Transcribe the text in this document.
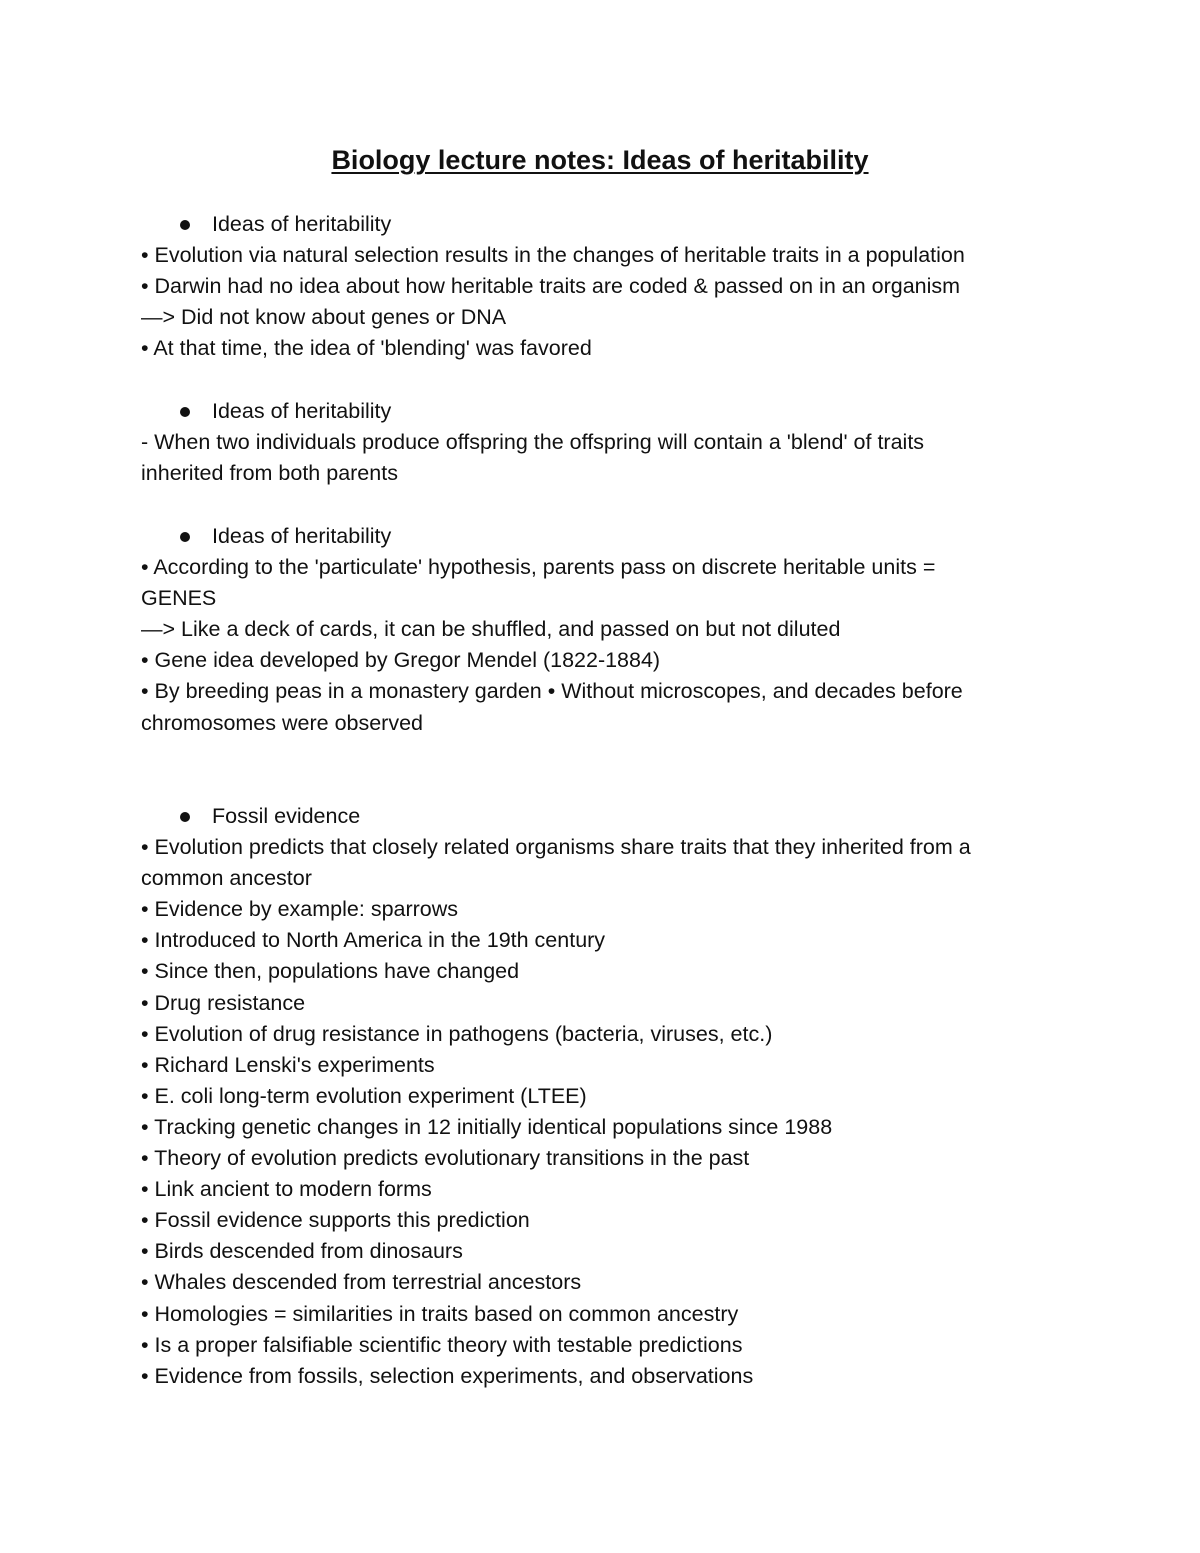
Biology lecture notes: Ideas of heritability
Ideas of heritability
• Evolution via natural selection results in the changes of heritable traits in a population
• Darwin had no idea about how heritable traits are coded & passed on in an organism
—> Did not know about genes or DNA
• At that time, the idea of 'blending' was favored
Ideas of heritability
- When two individuals produce offspring the offspring will contain a 'blend' of traits
inherited from both parents
Ideas of heritability
• According to the 'particulate' hypothesis, parents pass on discrete heritable units =
GENES
—> Like a deck of cards, it can be shuffled, and passed on but not diluted
• Gene idea developed by Gregor Mendel (1822-1884)
• By breeding peas in a monastery garden • Without microscopes, and decades before
chromosomes were observed
Fossil evidence
• Evolution predicts that closely related organisms share traits that they inherited from a
common ancestor
• Evidence by example: sparrows
• Introduced to North America in the 19th century
• Since then, populations have changed
• Drug resistance
• Evolution of drug resistance in pathogens (bacteria, viruses, etc.)
• Richard Lenski's experiments
• E. coli long-term evolution experiment (LTEE)
• Tracking genetic changes in 12 initially identical populations since 1988
• Theory of evolution predicts evolutionary transitions in the past
• Link ancient to modern forms
• Fossil evidence supports this prediction
• Birds descended from dinosaurs
• Whales descended from terrestrial ancestors
• Homologies = similarities in traits based on common ancestry
• Is a proper falsifiable scientific theory with testable predictions
• Evidence from fossils, selection experiments, and observations
